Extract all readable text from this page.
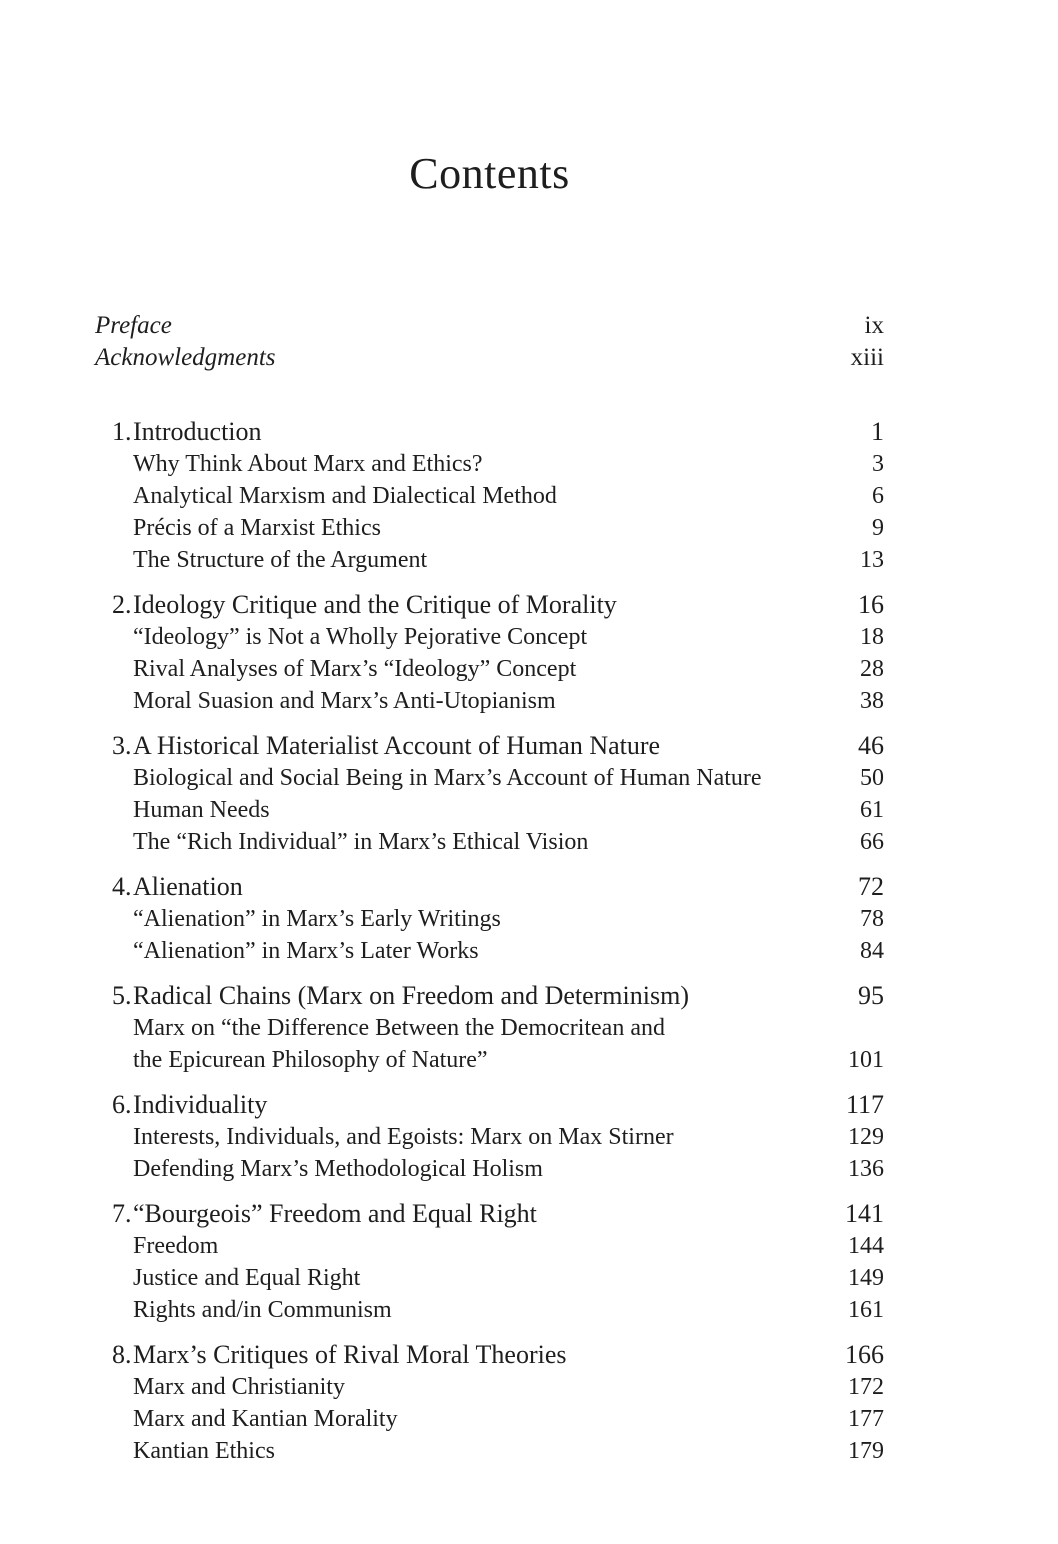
Contents
Preface	ix
Acknowledgments	xiii
1.Introduction	1
Why Think About Marx and Ethics?	3
Analytical Marxism and Dialectical Method	6
Précis of a Marxist Ethics	9
The Structure of the Argument	13
2.Ideology Critique and the Critique of Morality	16
“Ideology” is Not a Wholly Pejorative Concept	18
Rival Analyses of Marx’s “Ideology” Concept	28
Moral Suasion and Marx’s Anti-Utopianism	38
3.A Historical Materialist Account of Human Nature	46
Biological and Social Being in Marx’s Account of Human Nature	50
Human Needs	61
The “Rich Individual” in Marx’s Ethical Vision	66
4.Alienation	72
“Alienation” in Marx’s Early Writings	78
“Alienation” in Marx’s Later Works	84
5.Radical Chains (Marx on Freedom and Determinism)	95
Marx on “the Difference Between the Democritean and
the Epicurean Philosophy of Nature”	101
6.Individuality	117
Interests, Individuals, and Egoists: Marx on Max Stirner	129
Defending Marx’s Methodological Holism	136
7.“Bourgeois” Freedom and Equal Right	141
Freedom	144
Justice and Equal Right	149
Rights and/in Communism	161
8.Marx’s Critiques of Rival Moral Theories	166
Marx and Christianity	172
Marx and Kantian Morality	177
Kantian Ethics	179
